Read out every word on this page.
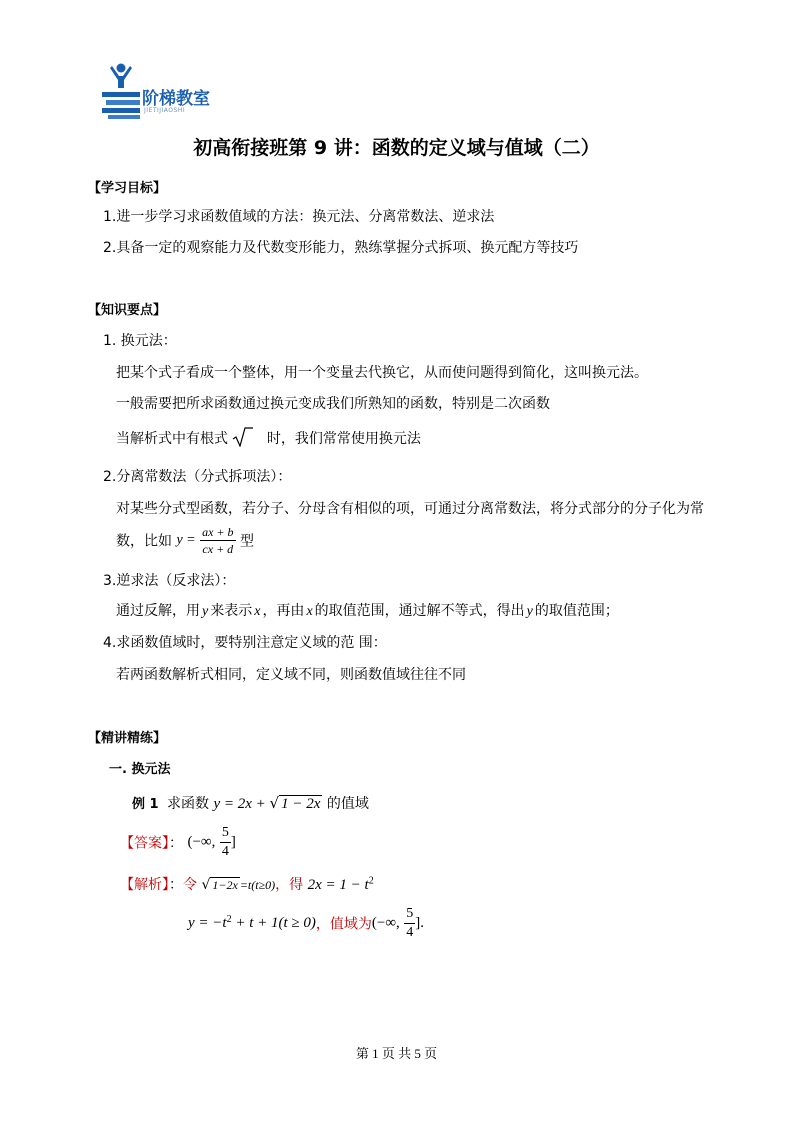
阶梯教室
JIETIJIAOSHI
初高衔接班第 9 讲：函数的定义域与值域（二）
【学习目标】
1.进一步学习求函数值域的方法：换元法、分离常数法、逆求法
2.具备一定的观察能力及代数变形能力，熟练掌握分式拆项、换元配方等技巧
【知识要点】
1. 换元法：
把某个式子看成一个整体，用一个变量去代换它，从而使问题得到简化，这叫换元法。
一般需要把所求函数通过换元变成我们所熟知的函数，特别是二次函数
当解析式中有根式	时，我们常常使用换元法
2.分离常数法（分式拆项法）：
对某些分式型函数，若分子、分母含有相似的项，可通过分离常数法，将分式部分的分子化为常
数，比如 $y = \frac{ax + b}{cx + d}$ 型
3.逆求法（反求法）：
通过反解，用 y 来表示 x ，再由 x 的取值范围，通过解不等式，得出 y 的取值范围；
4.求函数值域时，要特别注意定义域的范 围：
若两函数解析式相同，定义域不同，则函数值域往往不同
【精讲精练】
一. 换元法
例 1 求函数 y = 2x + √ 1 − 2x 的值域
【答案】： (−∞, $\frac{5}{4}$ ]
【解析】：令 √ 1−2x =t(t≥0)，得 $2x = 1 - t^2$
$y = -t^2 + t + 1(t \ge 0)$，值域为(−∞, $\frac{5}{4}$ ].
第 1 页 共 5 页
